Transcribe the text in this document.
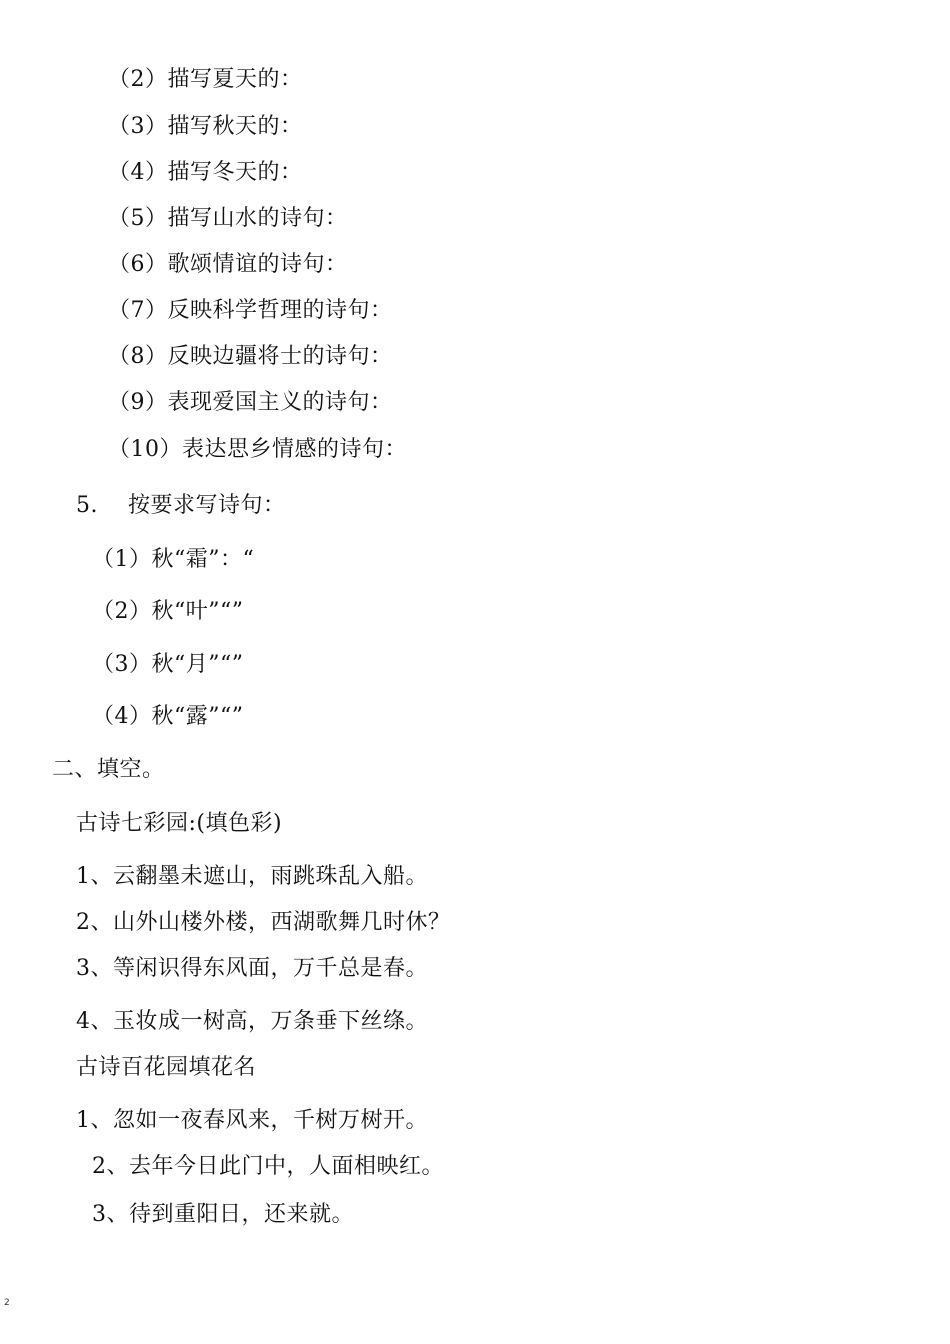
（2）描写夏天的：
（3）描写秋天的：
（4）描写冬天的：
（5）描写山水的诗句：
（6）歌颂情谊的诗句：
（7）反映科学哲理的诗句：
（8）反映边疆将士的诗句：
（9）表现爱国主义的诗句：
（10）表达思乡情感的诗句：
5.　 按要求写诗句：
（1）秋“霜”：“
（2）秋“叶”“”
（3）秋“月”“”
（4）秋“露”“”
二、填空。
古诗七彩园:(填色彩)
1、云翻墨未遮山，雨跳珠乱入船。
2、山外山楼外楼，西湖歌舞几时休？
3、等闲识得东风面，万千总是春。
4、玉妆成一树高，万条垂下丝绦。
古诗百花园填花名
1、忽如一夜春风来，千树万树开。
2、去年今日此门中，人面相映红。
3、待到重阳日，还来就。
2
